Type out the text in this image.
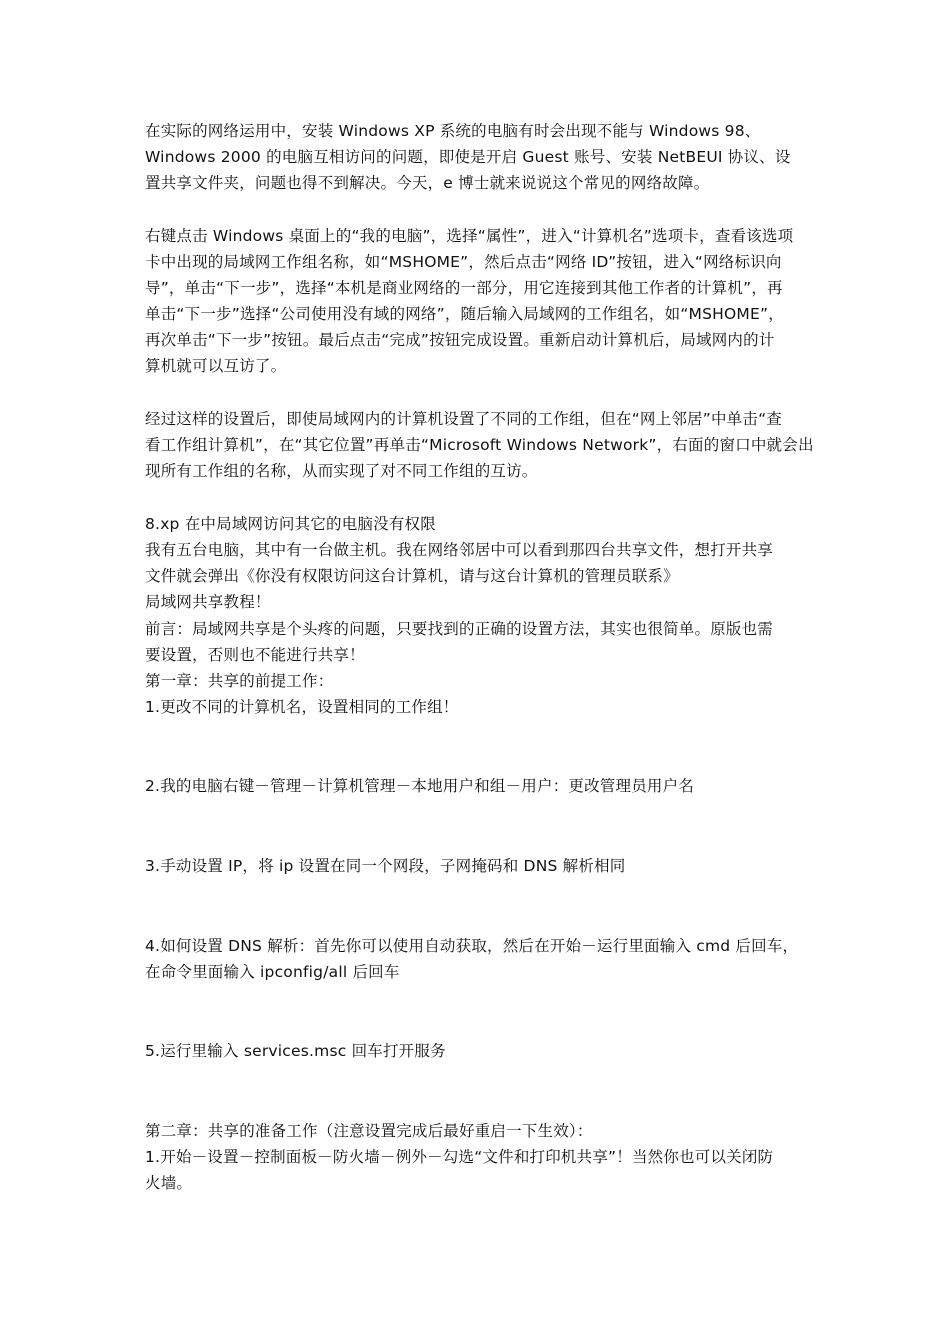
在实际的网络运用中，安装 Windows XP 系统的电脑有时会出现不能与 Windows 98、
Windows 2000 的电脑互相访问的问题，即使是开启 Guest 账号、安装 NetBEUI 协议、设
置共享文件夹，问题也得不到解决。今天，e 博士就来说说这个常见的网络故障。
右键点击 Windows 桌面上的“我的电脑”，选择“属性”，进入“计算机名”选项卡，查看该选项
卡中出现的局域网工作组名称，如“MSHOME”，然后点击“网络 ID”按钮，进入“网络标识向
导”，单击“下一步”，选择“本机是商业网络的一部分，用它连接到其他工作者的计算机”，再
单击“下一步”选择“公司使用没有域的网络”，随后输入局域网的工作组名，如“MSHOME”，
再次单击“下一步”按钮。最后点击“完成”按钮完成设置。重新启动计算机后，局域网内的计
算机就可以互访了。
经过这样的设置后，即使局域网内的计算机设置了不同的工作组，但在“网上邻居”中单击“查
看工作组计算机”，在“其它位置”再单击“Microsoft Windows Network”，右面的窗口中就会出
现所有工作组的名称，从而实现了对不同工作组的互访。
8.xp 在中局域网访问其它的电脑没有权限
我有五台电脑，其中有一台做主机。我在网络邻居中可以看到那四台共享文件，想打开共享
文件就会弹出《你没有权限访问这台计算机，请与这台计算机的管理员联系》
局域网共享教程！
前言：局域网共享是个头疼的问题，只要找到的正确的设置方法，其实也很简单。原版也需
要设置，否则也不能进行共享！
第一章：共享的前提工作：
1.更改不同的计算机名，设置相同的工作组！
2.我的电脑右键－管理－计算机管理－本地用户和组－用户：更改管理员用户名
3.手动设置 IP，将 ip 设置在同一个网段，子网掩码和 DNS 解析相同
4.如何设置 DNS 解析：首先你可以使用自动获取，然后在开始－运行里面输入 cmd 后回车，
在命令里面输入 ipconfig/all 后回车
5.运行里输入 services.msc 回车打开服务
第二章：共享的准备工作（注意设置完成后最好重启一下生效）：
1.开始－设置－控制面板－防火墙－例外－勾选“文件和打印机共享”！当然你也可以关闭防
火墙。
